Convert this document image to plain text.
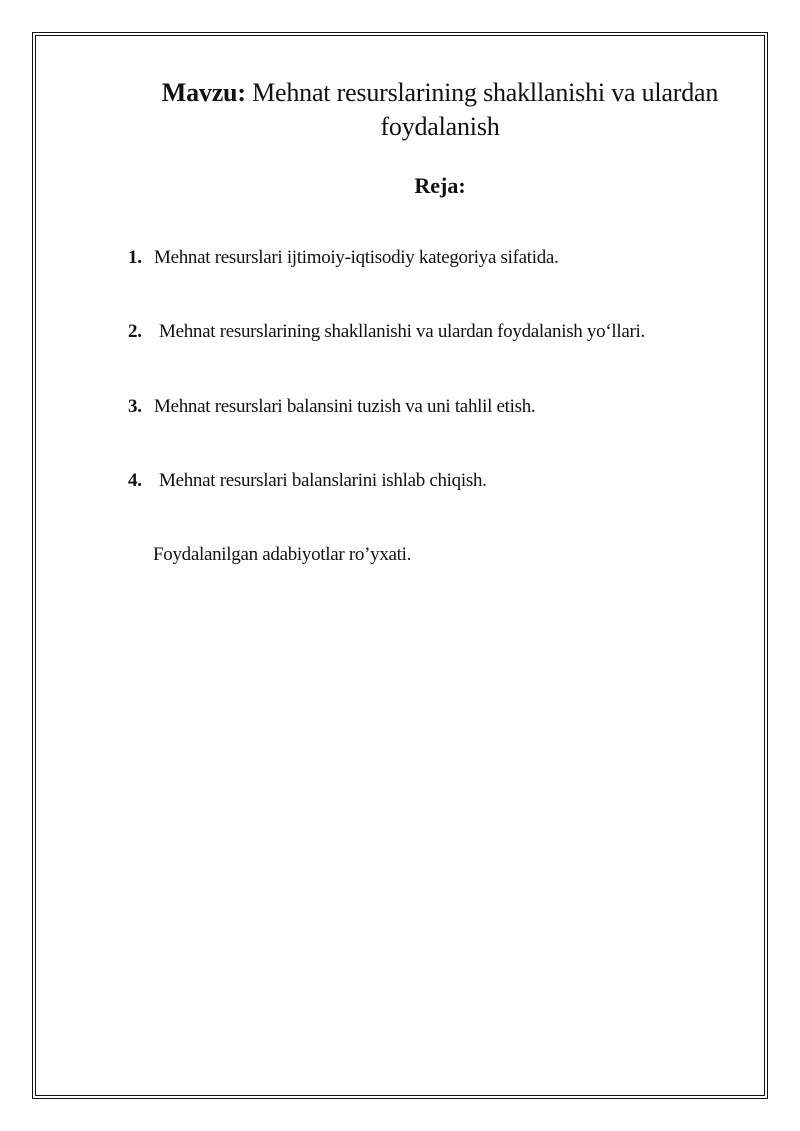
Mavzu: Mehnat resurslarining shakllanishi va ulardan
foydalanish
Reja:
1. Mehnat resurslari ijtimoiy-iqtisodiy kategoriya sifatida.
2. Mehnat resurslarining shakllanishi va ulardan foydalanish yo‘llari.
3. Mehnat resurslari balansini tuzish va uni tahlil etish.
4. Mehnat resurslari balanslarini ishlab chiqish.
Foydalanilgan adabiyotlar ro’yxati.
